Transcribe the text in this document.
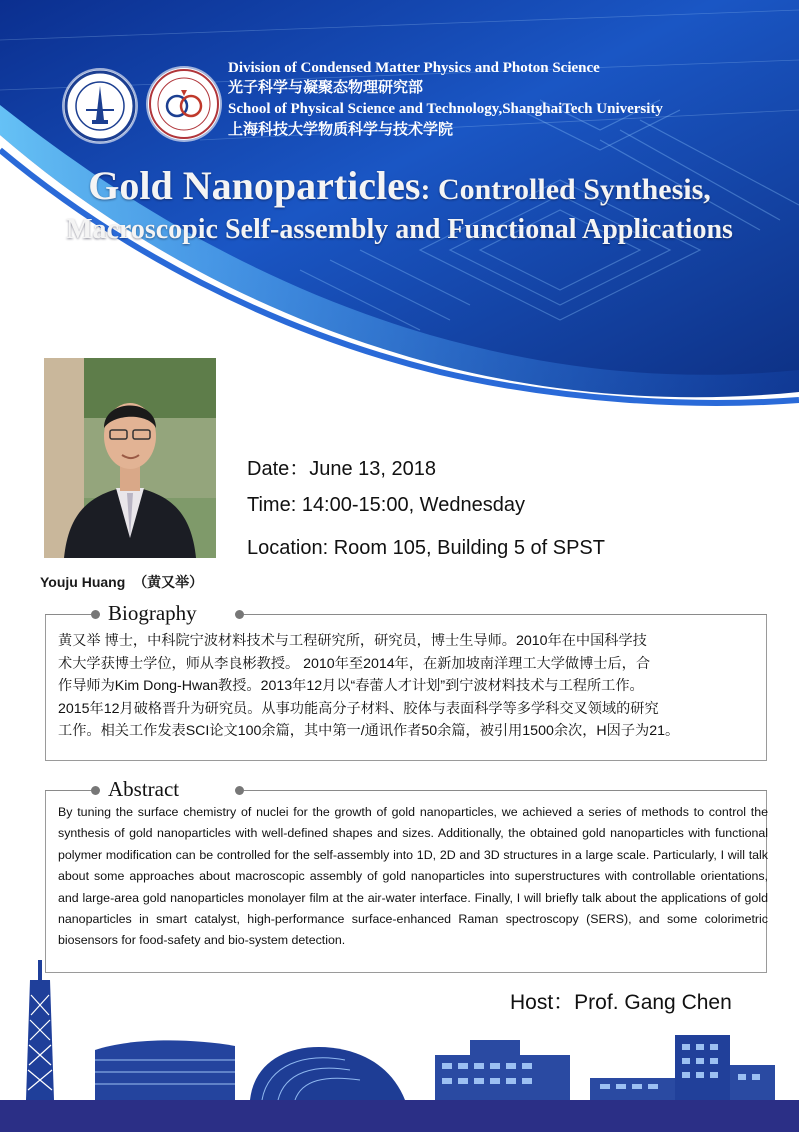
Division of Condensed Matter Physics and Photon Science
光子科学与凝聚态物理研究部
School of Physical Science and Technology,ShanghaiTech University
上海科技大学物质科学与技术学院
Gold Nanoparticles: Controlled Synthesis,
Macroscopic Self-assembly and Functional Applications
Youju Huang （黄又举）
Date：June 13, 2018
Time: 14:00-15:00, Wednesday
Location: Room 105, Building 5 of SPST
Biography
黄又举 博士，中科院宁波材料技术与工程研究所，研究员，博士生导师。2010年在中国科学技
术大学获博士学位，师从李良彬教授。 2010年至2014年，在新加坡南洋理工大学做博士后，合
作导师为Kim Dong-Hwan教授。2013年12月以“春蕾人才计划”到宁波材料技术与工程所工作。
2015年12月破格晋升为研究员。从事功能高分子材料、胶体与表面科学等多学科交叉领域的研究
工作。相关工作发表SCI论文100余篇，其中第一/通讯作者50余篇，被引用1500余次，H因子为21。
Abstract
By tuning the surface chemistry of nuclei for the growth of gold nanoparticles, we achieved a series of methods to control the synthesis of gold nanoparticles with well-defined shapes and sizes. Additionally, the obtained gold nanoparticles with functional polymer modification can be controlled for the self-assembly into 1D, 2D and 3D structures in a large scale. Particularly, I will talk about some approaches about macroscopic assembly of gold nanoparticles into superstructures with controllable orientations, and large-area gold nanoparticles monolayer film at the air-water interface. Finally, I will briefly talk about the applications of gold nanoparticles in smart catalyst, high-performance surface-enhanced Raman spectroscopy (SERS), and some colorimetric biosensors for food-safety and bio-system detection.
Host：Prof. Gang Chen
